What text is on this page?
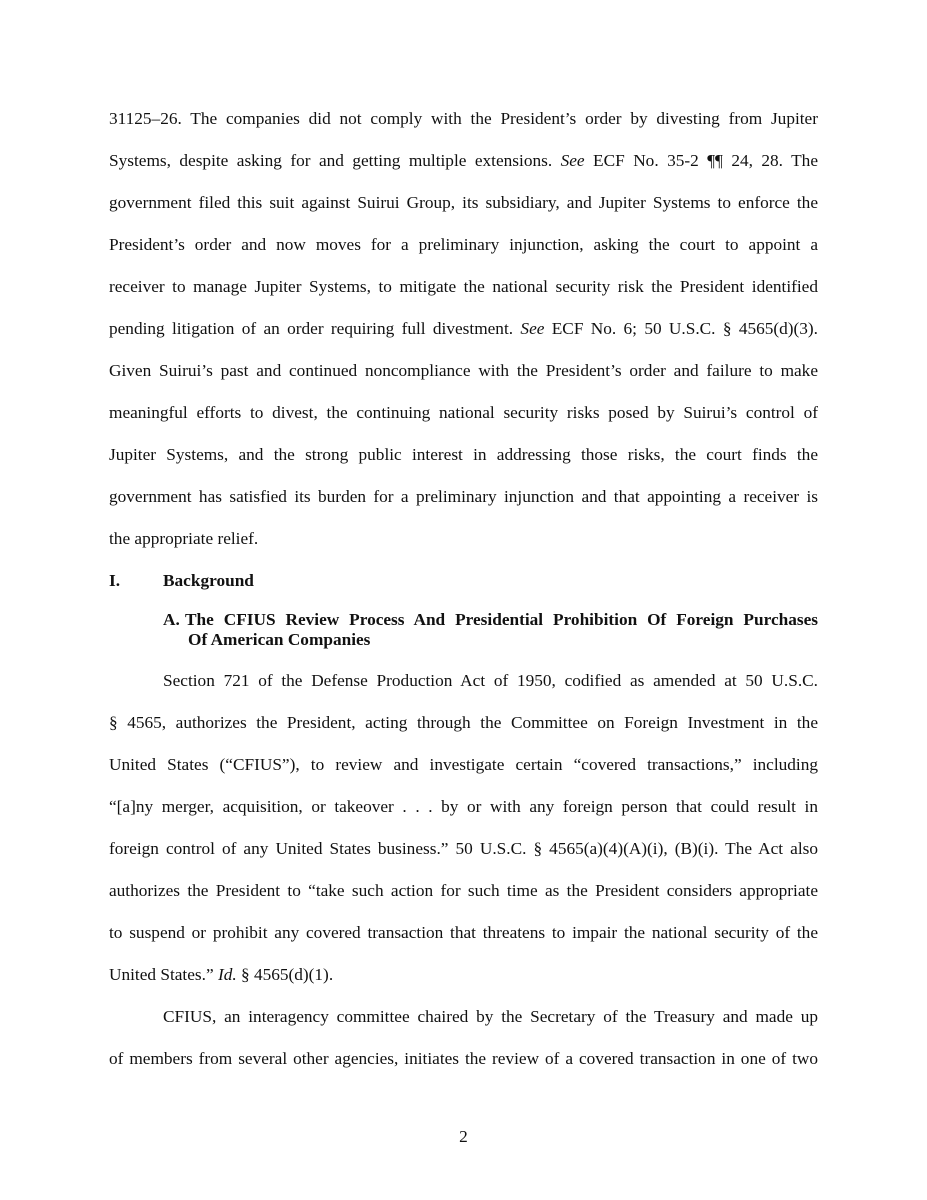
31125–26. The companies did not comply with the President’s order by divesting from Jupiter
Systems, despite asking for and getting multiple extensions. See ECF No. 35-2 ¶¶ 24, 28. The
government filed this suit against Suirui Group, its subsidiary, and Jupiter Systems to enforce the
President’s order and now moves for a preliminary injunction, asking the court to appoint a
receiver to manage Jupiter Systems, to mitigate the national security risk the President identified
pending litigation of an order requiring full divestment. See ECF No. 6; 50 U.S.C. § 4565(d)(3).
Given Suirui’s past and continued noncompliance with the President’s order and failure to make
meaningful efforts to divest, the continuing national security risks posed by Suirui’s control of
Jupiter Systems, and the strong public interest in addressing those risks, the court finds the
government has satisfied its burden for a preliminary injunction and that appointing a receiver is
the appropriate relief.
I. Background
A. The CFIUS Review Process And Presidential Prohibition Of Foreign Purchases
Of American Companies
Section 721 of the Defense Production Act of 1950, codified as amended at 50 U.S.C.
§ 4565, authorizes the President, acting through the Committee on Foreign Investment in the
United States (“CFIUS”), to review and investigate certain “covered transactions,” including
“[a]ny merger, acquisition, or takeover . . . by or with any foreign person that could result in
foreign control of any United States business.” 50 U.S.C. § 4565(a)(4)(A)(i), (B)(i). The Act also
authorizes the President to “take such action for such time as the President considers appropriate
to suspend or prohibit any covered transaction that threatens to impair the national security of the
United States.” Id. § 4565(d)(1).
CFIUS, an interagency committee chaired by the Secretary of the Treasury and made up
of members from several other agencies, initiates the review of a covered transaction in one of two
2
